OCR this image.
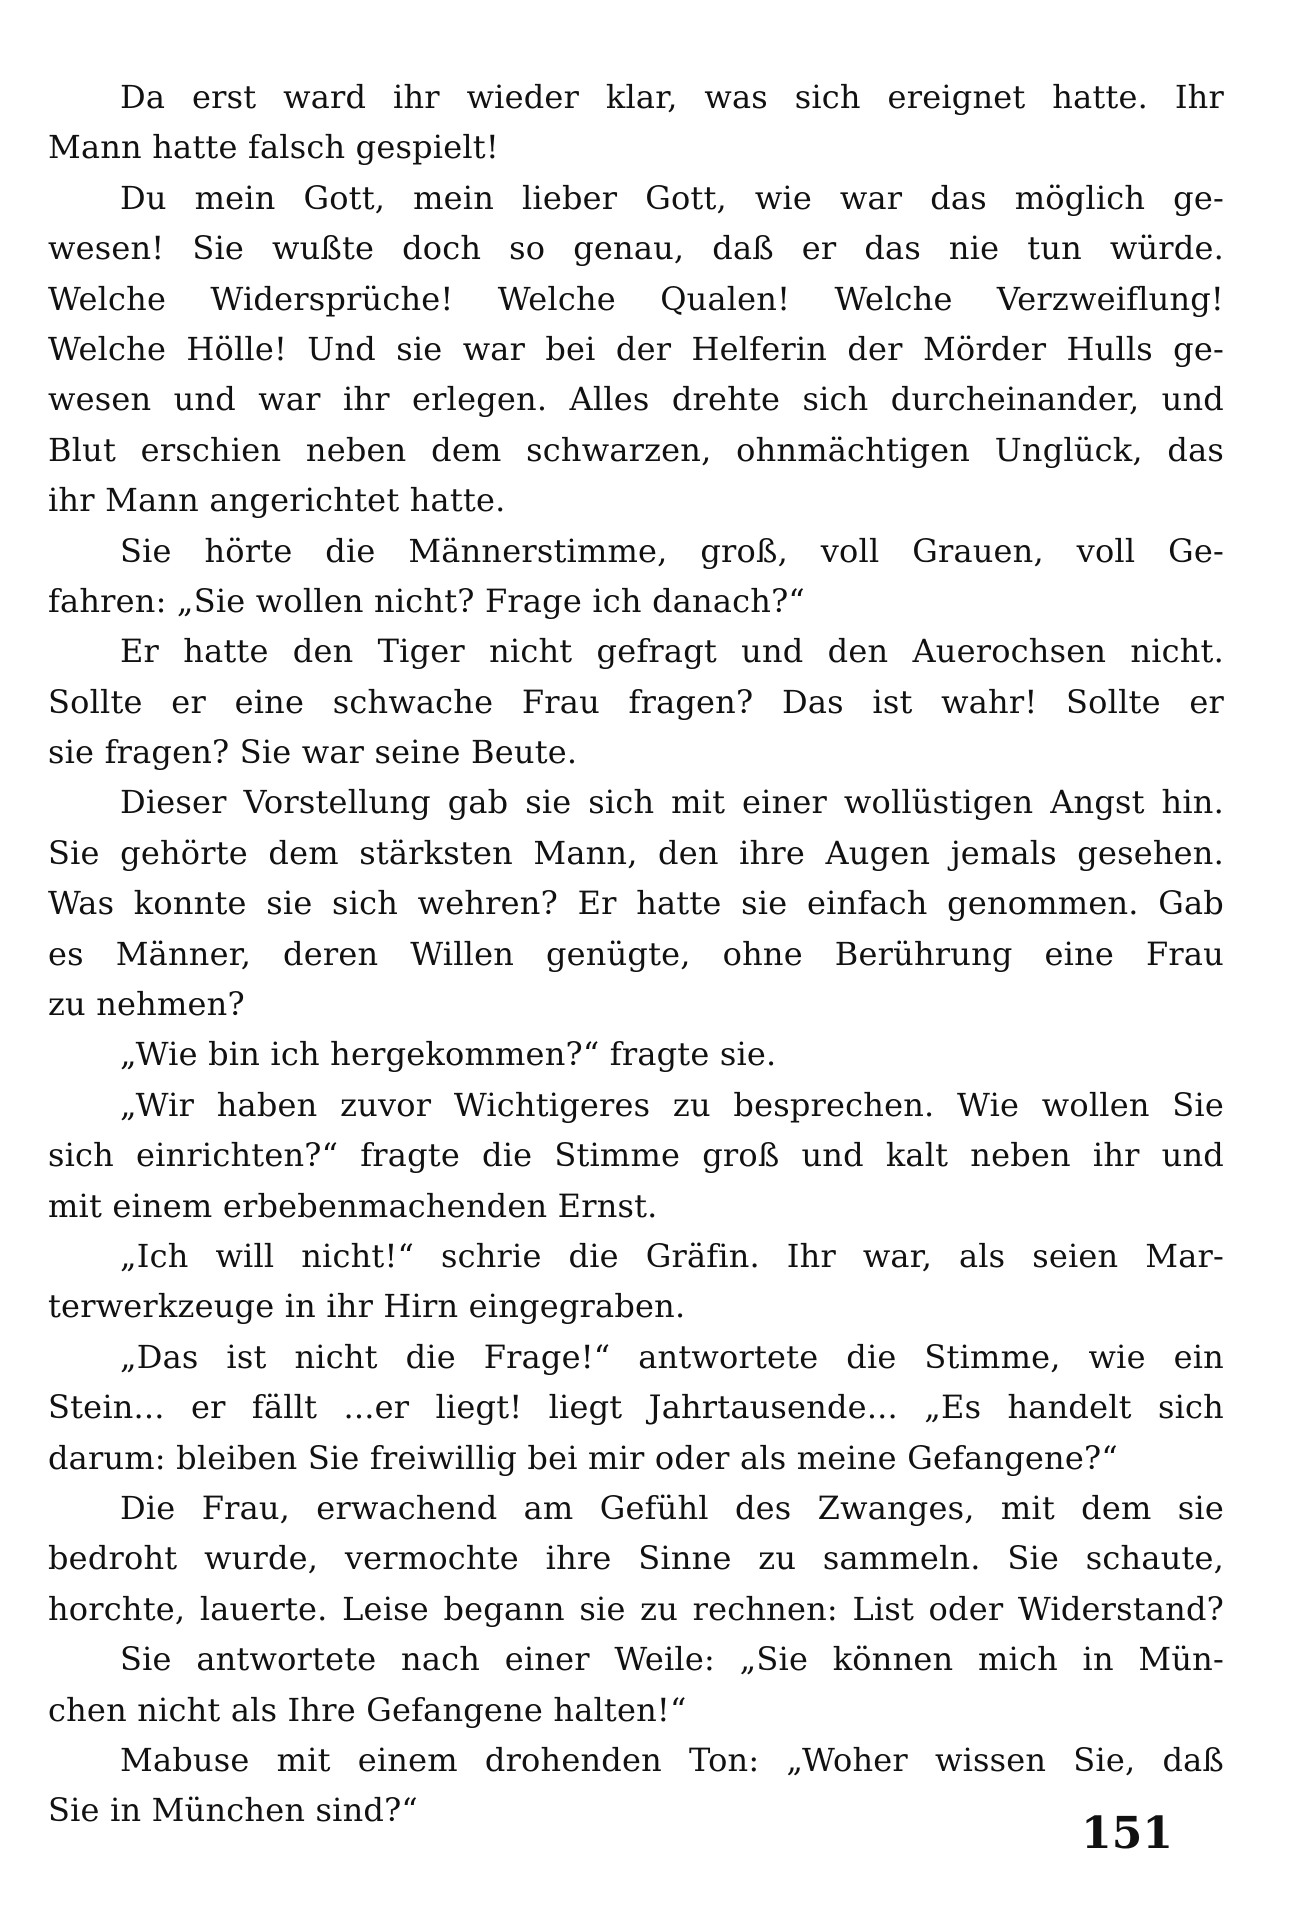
Da erst ward ihr wieder klar, was sich ereignet hatte. Ihr
Mann hatte falsch gespielt!
Du mein Gott, mein lieber Gott, wie war das möglich ge-
wesen! Sie wußte doch so genau, daß er das nie tun würde.
Welche Widersprüche! Welche Qualen! Welche Verzweiflung!
Welche Hölle! Und sie war bei der Helferin der Mörder Hulls ge-
wesen und war ihr erlegen. Alles drehte sich durcheinander, und
Blut erschien neben dem schwarzen, ohnmächtigen Unglück, das
ihr Mann angerichtet hatte.
Sie hörte die Männerstimme, groß, voll Grauen, voll Ge-
fahren: „Sie wollen nicht? Frage ich danach?“
Er hatte den Tiger nicht gefragt und den Auerochsen nicht.
Sollte er eine schwache Frau fragen? Das ist wahr! Sollte er
sie fragen? Sie war seine Beute.
Dieser Vorstellung gab sie sich mit einer wollüstigen Angst hin.
Sie gehörte dem stärksten Mann, den ihre Augen jemals gesehen.
Was konnte sie sich wehren? Er hatte sie einfach genommen. Gab
es Männer, deren Willen genügte, ohne Berührung eine Frau
zu nehmen?
„Wie bin ich hergekommen?“ fragte sie.
„Wir haben zuvor Wichtigeres zu besprechen. Wie wollen Sie
sich einrichten?“ fragte die Stimme groß und kalt neben ihr und
mit einem erbebenmachenden Ernst.
„Ich will nicht!“ schrie die Gräfin. Ihr war, als seien Mar-
terwerkzeuge in ihr Hirn eingegraben.
„Das ist nicht die Frage!“ antwortete die Stimme, wie ein
Stein... er fällt ...er liegt! liegt Jahrtausende... „Es handelt sich
darum: bleiben Sie freiwillig bei mir oder als meine Gefangene?“
Die Frau, erwachend am Gefühl des Zwanges, mit dem sie
bedroht wurde, vermochte ihre Sinne zu sammeln. Sie schaute,
horchte, lauerte. Leise begann sie zu rechnen: List oder Widerstand?
Sie antwortete nach einer Weile: „Sie können mich in Mün-
chen nicht als Ihre Gefangene halten!“
Mabuse mit einem drohenden Ton: „Woher wissen Sie, daß
Sie in München sind?“	151
